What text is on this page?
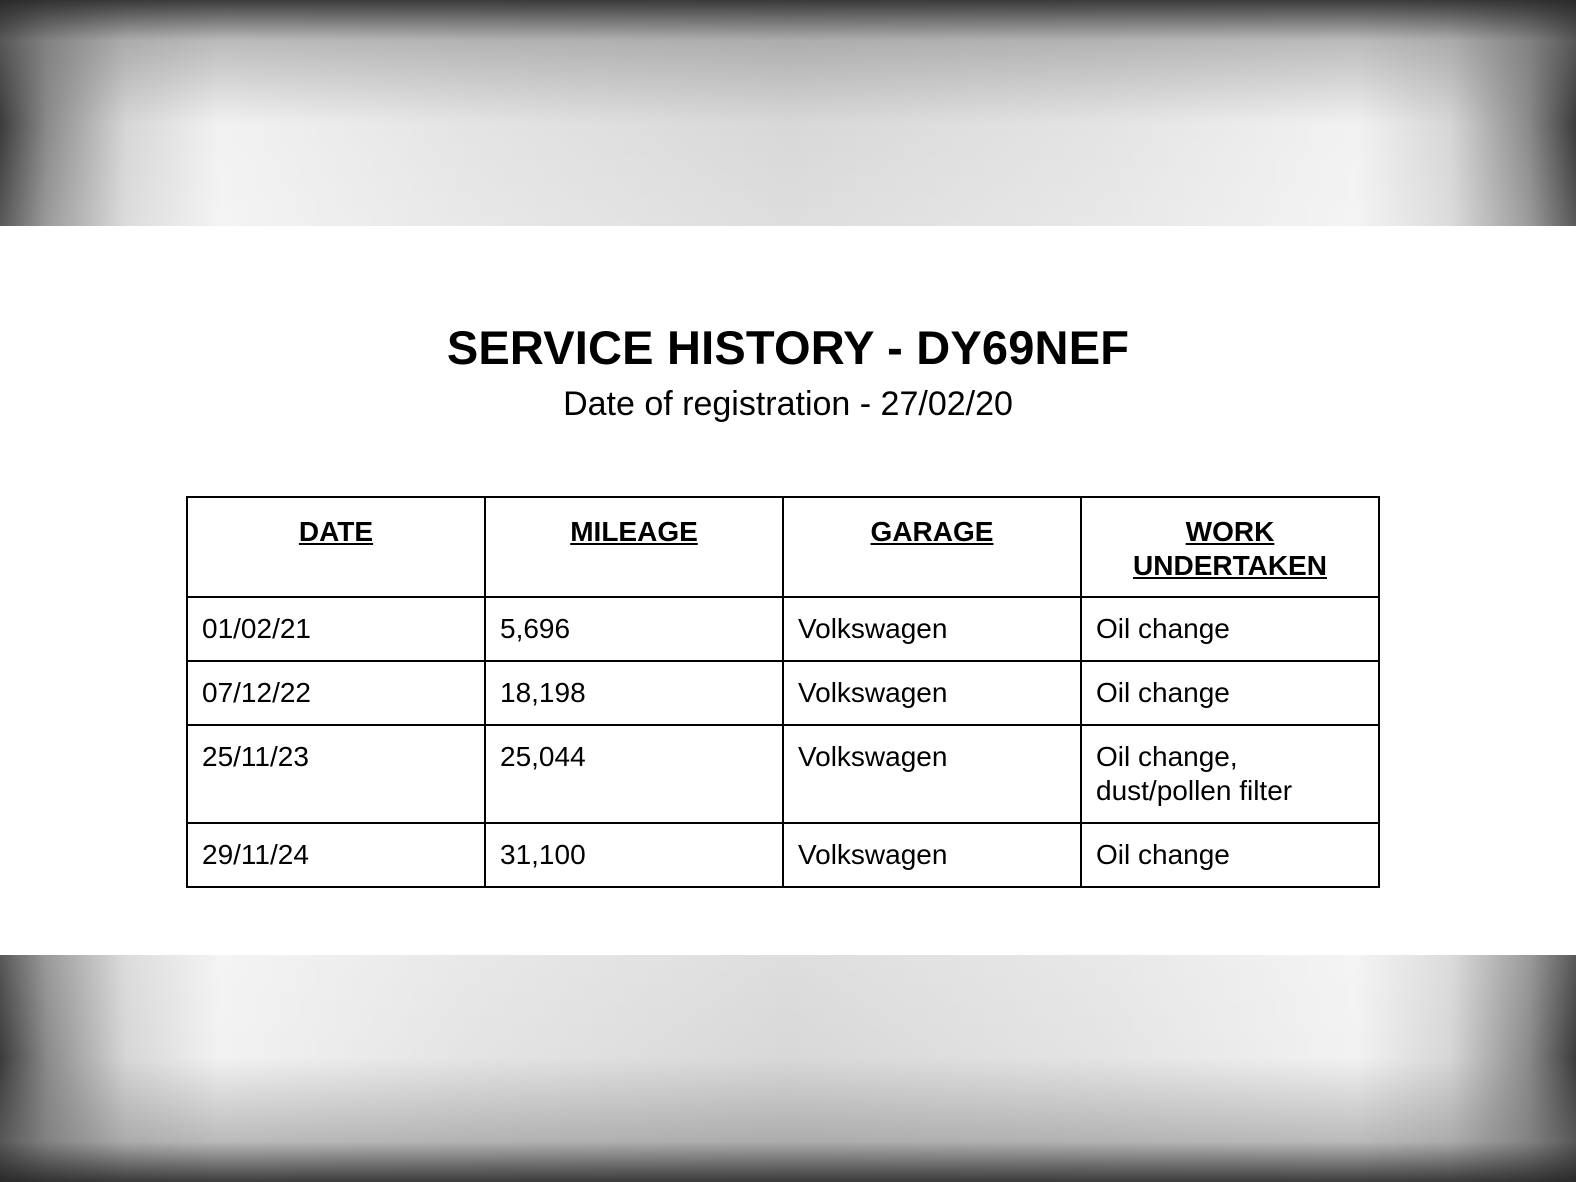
SERVICE HISTORY - DY69NEF

Date of registration - 27/02/20

DATE	MILEAGE	GARAGE	WORK UNDERTAKEN
01/02/21	5,696	Volkswagen	Oil change
07/12/22	18,198	Volkswagen	Oil change
25/11/23	25,044	Volkswagen	Oil change, dust/pollen filter
29/11/24	31,100	Volkswagen	Oil change
